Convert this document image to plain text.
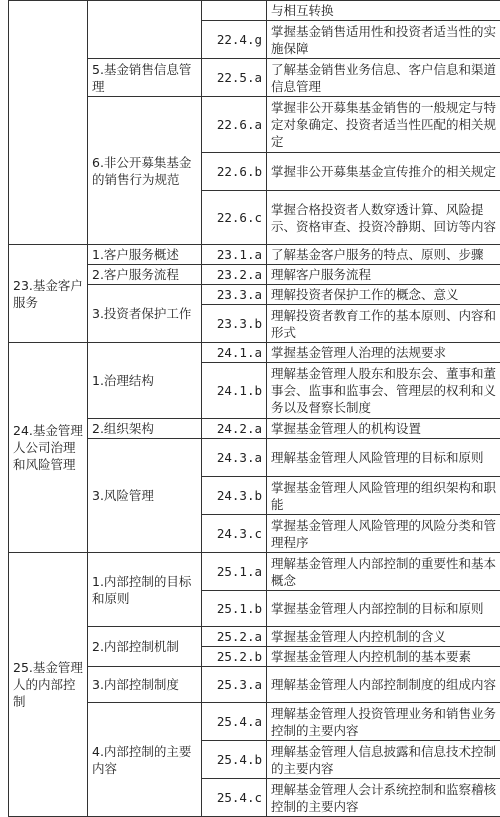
			与相互转换
		22.4.g	掌握基金销售适用性和投资者适当性的实施保障
	5.基金销售信息管理	22.5.a	了解基金销售业务信息、客户信息和渠道信息管理
	6.非公开募集基金的销售行为规范	22.6.a	掌握非公开募集基金销售的一般规定与特定对象确定、投资者适当性匹配的相关规定
		22.6.b	掌握非公开募集基金宣传推介的相关规定
		22.6.c	掌握合格投资者人数穿透计算、风险提示、资格审查、投资冷静期、回访等内容
23.基金客户服务	1.客户服务概述	23.1.a	了解基金客户服务的特点、原则、步骤
	2.客户服务流程	23.2.a	理解客户服务流程
	3.投资者保护工作	23.3.a	理解投资者保护工作的概念、意义
		23.3.b	理解投资者教育工作的基本原则、内容和形式
24.基金管理人公司治理和风险管理	1.治理结构	24.1.a	掌握基金管理人治理的法规要求
		24.1.b	理解基金管理人股东和股东会、董事和董事会、监事和监事会、管理层的权利和义务以及督察长制度
	2.组织架构	24.2.a	掌握基金管理人的机构设置
	3.风险管理	24.3.a	理解基金管理人风险管理的目标和原则
		24.3.b	掌握基金管理人风险管理的组织架构和职能
		24.3.c	掌握基金管理人风险管理的风险分类和管理程序
25.基金管理人的内部控制	1.内部控制的目标和原则	25.1.a	理解基金管理人内部控制的重要性和基本概念
		25.1.b	掌握基金管理人内部控制的目标和原则
	2.内部控制机制	25.2.a	掌握基金管理人内控机制的含义
		25.2.b	掌握基金管理人内控机制的基本要素
	3.内部控制制度	25.3.a	理解基金管理人内部控制制度的组成内容
	4.内部控制的主要内容	25.4.a	理解基金管理人投资管理业务和销售业务控制的主要内容
		25.4.b	理解基金管理人信息披露和信息技术控制的主要内容
		25.4.c	理解基金管理人会计系统控制和监察稽核控制的主要内容
